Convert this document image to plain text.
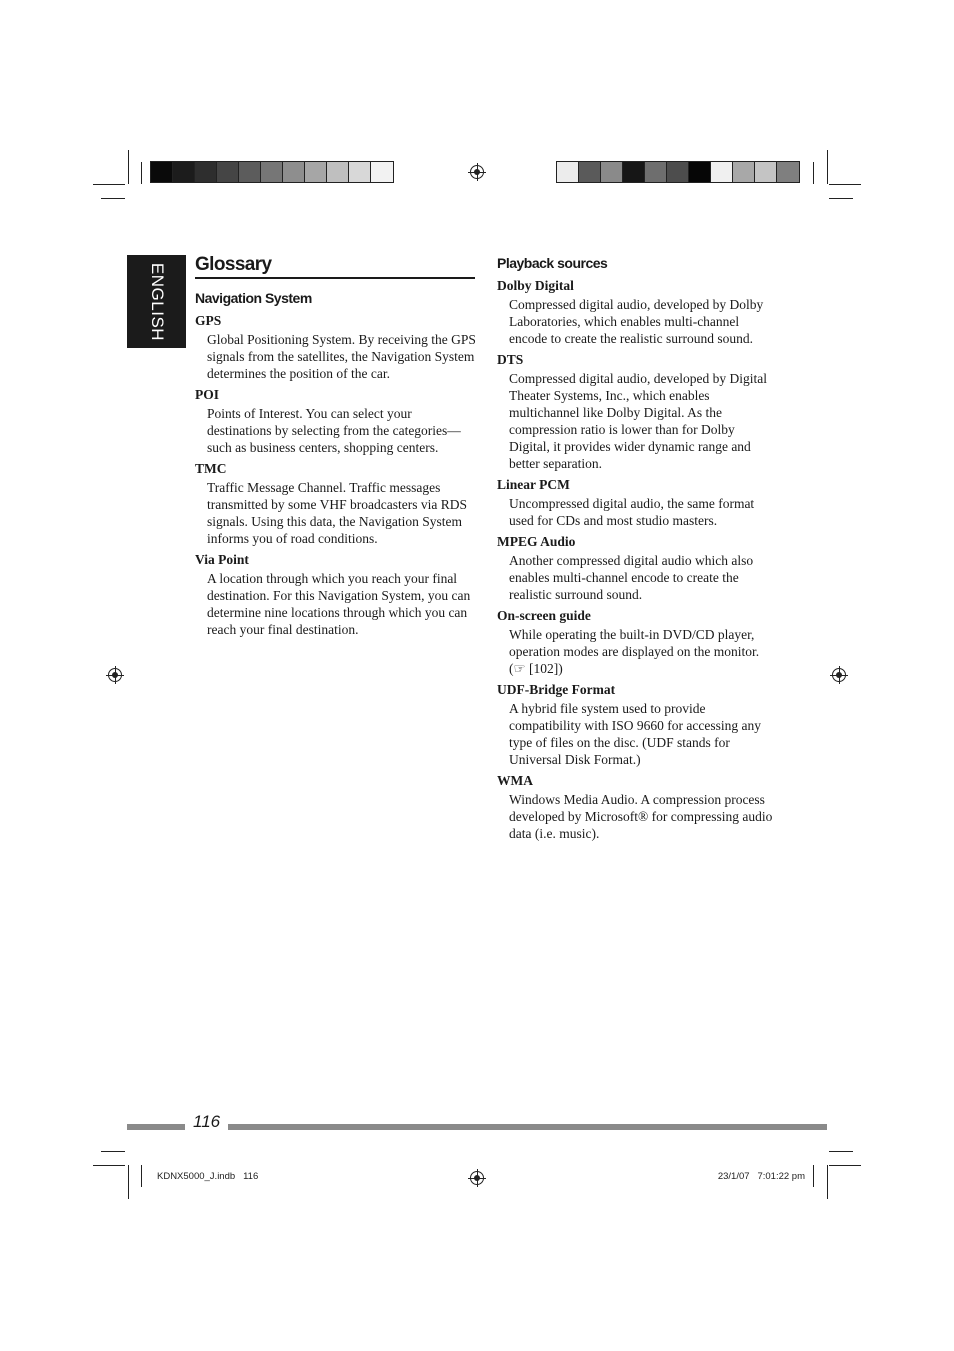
ENGLISH Glossary
Navigation System
GPS
Global Positioning System. By receiving the GPS signals from the satellites, the Navigation System determines the position of the car.
POI
Points of Interest. You can select your destinations by selecting from the categories—such as business centers, shopping centers.
TMC
Traffic Message Channel. Traffic messages transmitted by some VHF broadcasters via RDS signals. Using this data, the Navigation System informs you of road conditions.
Via Point
A location through which you reach your final destination. For this Navigation System, you can determine nine locations through which you can reach your final destination.
Playback sources
Dolby Digital
Compressed digital audio, developed by Dolby Laboratories, which enables multi-channel encode to create the realistic surround sound.
DTS
Compressed digital audio, developed by Digital Theater Systems, Inc., which enables multichannel like Dolby Digital. As the compression ratio is lower than for Dolby Digital, it provides wider dynamic range and better separation.
Linear PCM
Uncompressed digital audio, the same format used for CDs and most studio masters.
MPEG Audio
Another compressed digital audio which also enables multi-channel encode to create the realistic surround sound.
On-screen guide
While operating the built-in DVD/CD player, operation modes are displayed on the monitor. (☞ [102])
UDF-Bridge Format
A hybrid file system used to provide compatibility with ISO 9660 for accessing any type of files on the disc. (UDF stands for Universal Disk Format.)
WMA
Windows Media Audio. A compression process developed by Microsoft® for compressing audio data (i.e. music).
116
KDNX5000_J.indb   116	23/1/07   7:01:22 pm
